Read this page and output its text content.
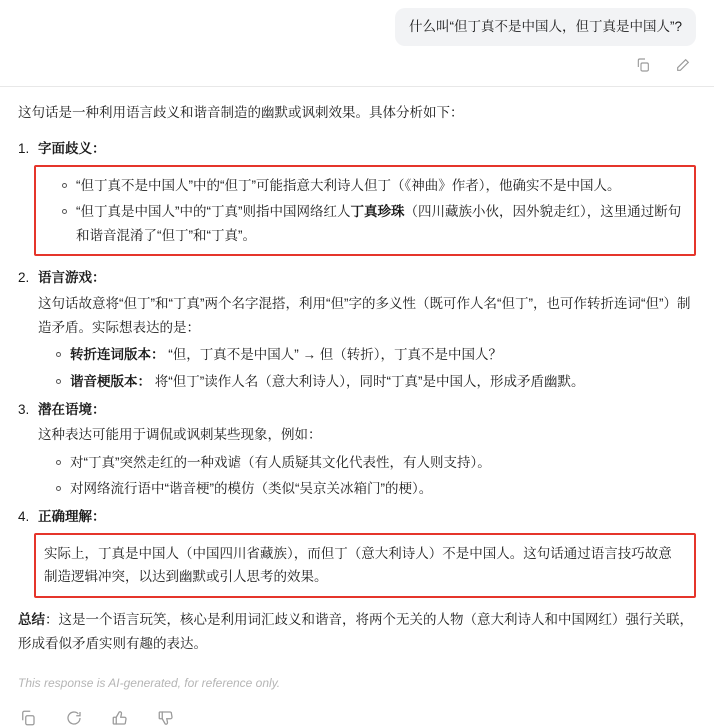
什么叫“但丁真不是中国人，但丁真是中国人”?

这句话是一种利用语言歧义和谐音制造的幽默或讽刺效果。具体分析如下：

字面歧义：
“但丁真不是中国人”中的“但丁”可能指意大利诗人但丁（《神曲》作者），他确实不是中国人。
“但丁真是中国人”中的“丁真”则指中国网络红人丁真珍珠（四川藏族小伙，因外貌走红），这里通过断句和谐音混淆了“但丁”和“丁真”。
语言游戏：
这句话故意将“但丁”和“丁真”两个名字混搭，利用“但”字的多义性（既可作人名“但丁”，也可作转折连词“但”）制造矛盾。实际想表达的是：
转折连词版本： “但，丁真不是中国人” → 但（转折），丁真不是中国人？
谐音梗版本： 将“但丁”读作人名（意大利诗人），同时“丁真”是中国人，形成矛盾幽默。
潜在语境：
这种表达可能用于调侃或讽刺某些现象，例如：
对“丁真”突然走红的一种戏谑（有人质疑其文化代表性，有人则支持）。
对网络流行语中“谐音梗”的模仿（类似“吴京关冰箱门”的梗）。
正确理解：

实际上，丁真是中国人（中国四川省藏族），而但丁（意大利诗人）不是中国人。这句话通过语言技巧故意制造逻辑冲突，以达到幽默或引人思考的效果。

总结：这是一个语言玩笑，核心是利用词汇歧义和谐音，将两个无关的人物（意大利诗人和中国网红）强行关联，形成看似矛盾实则有趣的表达。

This response is AI-generated, for reference only.
